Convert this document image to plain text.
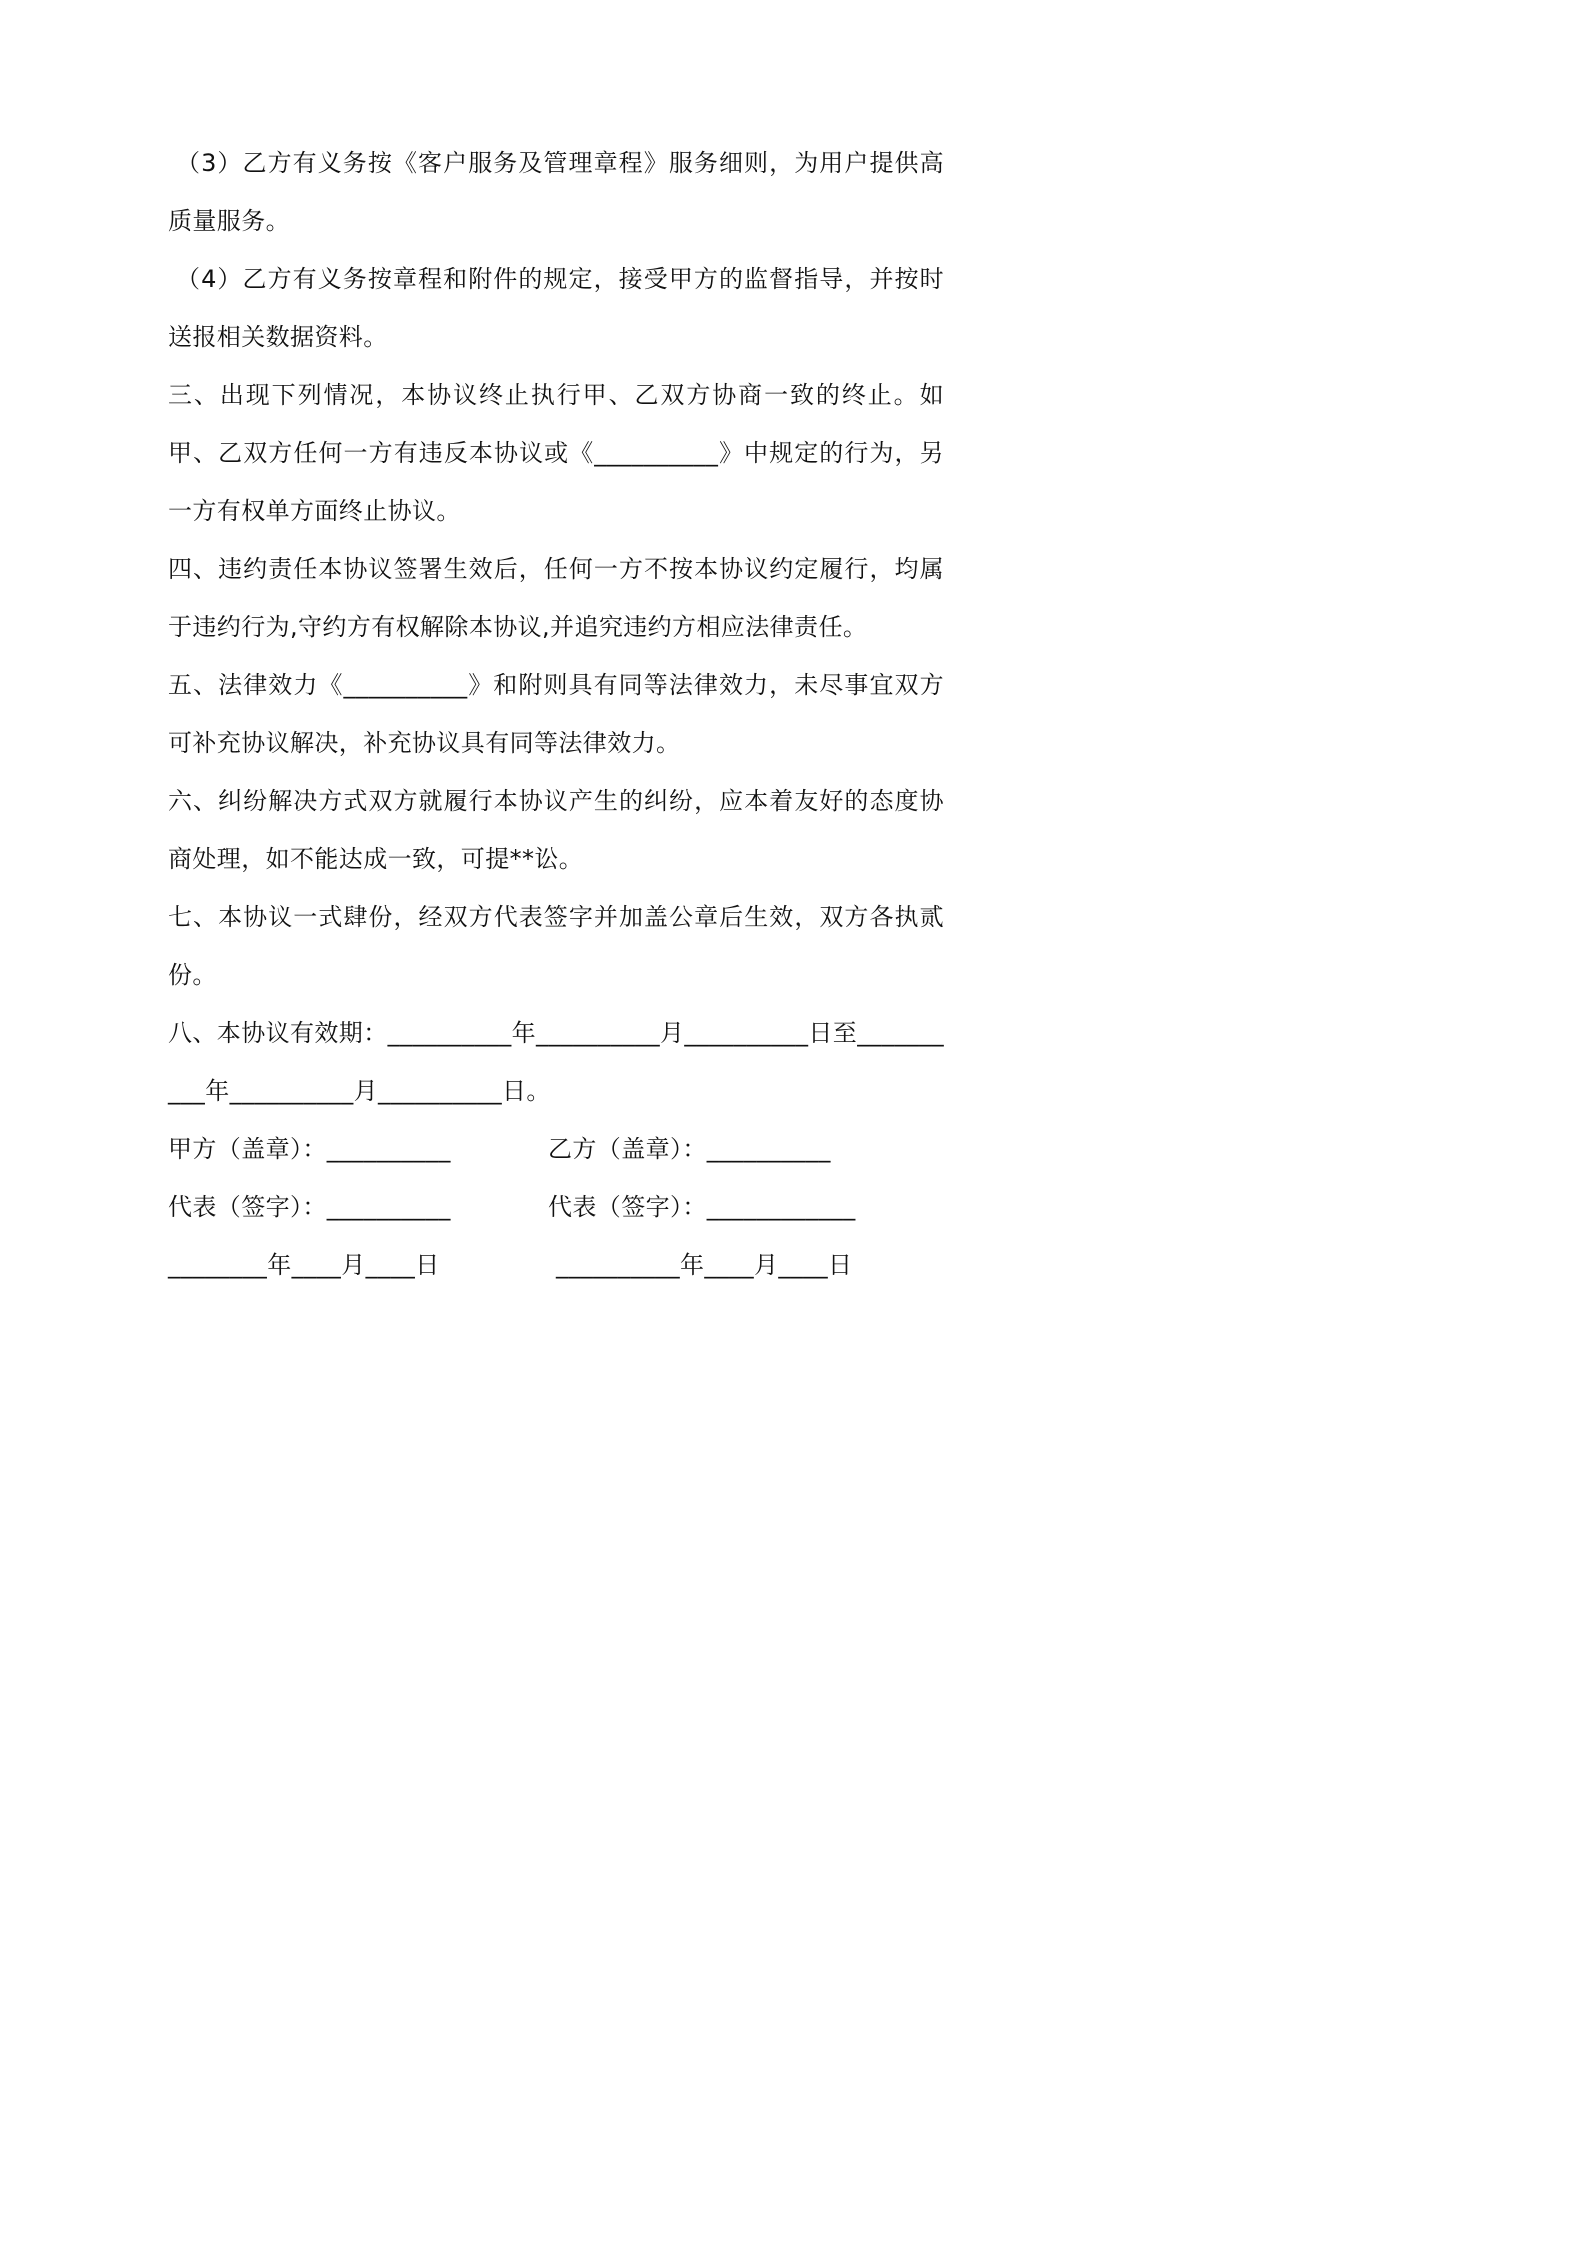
（3）乙方有义务按《客户服务及管理章程》服务细则，为用户提供高质量服务。

（4）乙方有义务按章程和附件的规定，接受甲方的监督指导，并按时送报相关数据资料。

三、出现下列情况，本协议终止执行甲、乙双方协商一致的终止。如甲、乙双方任何一方有违反本协议或《__________》中规定的行为，另一方有权单方面终止协议。

四、违约责任本协议签署生效后，任何一方不按本协议约定履行，均属于违约行为,守约方有权解除本协议,并追究违约方相应法律责任。

五、法律效力《__________》和附则具有同等法律效力，未尽事宜双方可补充协议解决，补充协议具有同等法律效力。

六、纠纷解决方式双方就履行本协议产生的纠纷，应本着友好的态度协商处理，如不能达成一致，可提**讼。

七、本协议一式肆份，经双方代表签字并加盖公章后生效，双方各执贰份。

八、本协议有效期：__________年__________月__________日至__________年__________月__________日。

甲方（盖章）：__________	乙方（盖章）：__________
代表（签字）：__________	代表（签字）：____________
________年____月____日	__________年____月____日
